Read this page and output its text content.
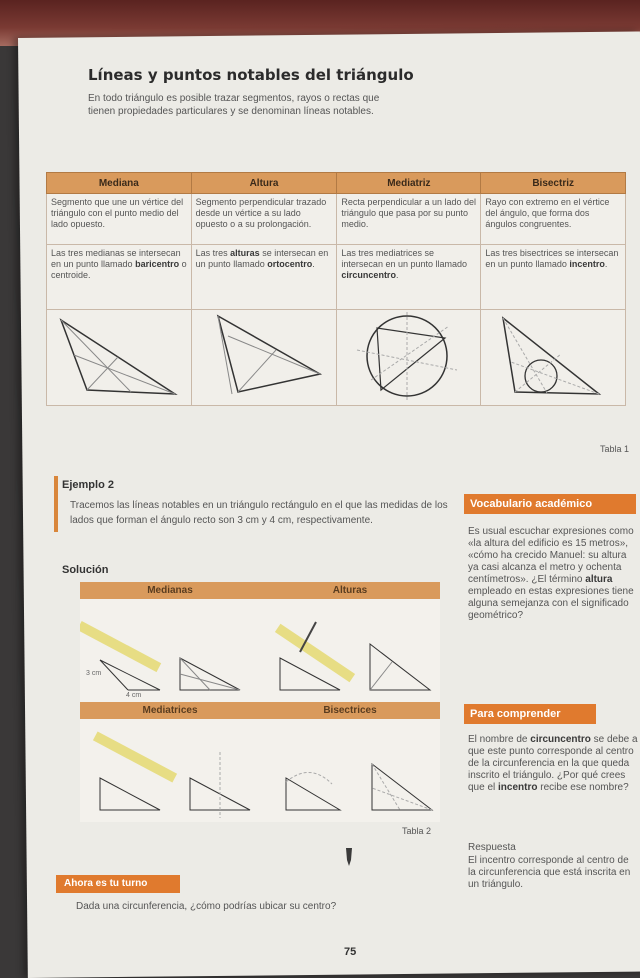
Líneas y puntos notables del triángulo
En todo triángulo es posible trazar segmentos, rayos o rectas que tienen propiedades particulares y se denominan líneas notables.
Mediana	Altura	Mediatriz	Bisectriz
Segmento que une un vértice del triángulo con el punto medio del lado opuesto.	Segmento perpendicular trazado desde un vértice a su lado opuesto o a su prolongación.	Recta perpendicular a un lado del triángulo que pasa por su punto medio.	Rayo con extremo en el vértice del ángulo, que forma dos ángulos congruentes.
Las tres medianas se intersecan en un punto llamado baricentro o centroide.	Las tres alturas se intersecan en un punto llamado ortocentro.	Las tres mediatrices se intersecan en un punto llamado circuncentro.	Las tres bisectrices se intersecan en un punto llamado incentro.

Tabla 1
Ejemplo 2
Tracemos las líneas notables en un triángulo rectángulo en el que las medidas de los lados que forman el ángulo recto son 3 cm y 4 cm, respectivamente.
Solución
Medianas	Alturas
Mediatrices	Bisectrices
3 cm
4 cm
Tabla 2
Vocabulario académico
Es usual escuchar expresiones como «la altura del edificio es 15 metros», «cómo ha crecido Manuel: su altura ya casi alcanza el metro y ochenta centímetros». ¿El término altura empleado en estas expresiones tiene alguna semejanza con el significado geométrico?
Para comprender
El nombre de circuncentro se debe a que este punto corresponde al centro de la circunferencia en la que queda inscrito el triángulo. ¿Por qué crees que el incentro recibe ese nombre?
Respuesta
El incentro corresponde al centro de la circunferencia que está inscrita en un triángulo.
Ahora es tu turno
Dada una circunferencia, ¿cómo podrías ubicar su centro?
75
